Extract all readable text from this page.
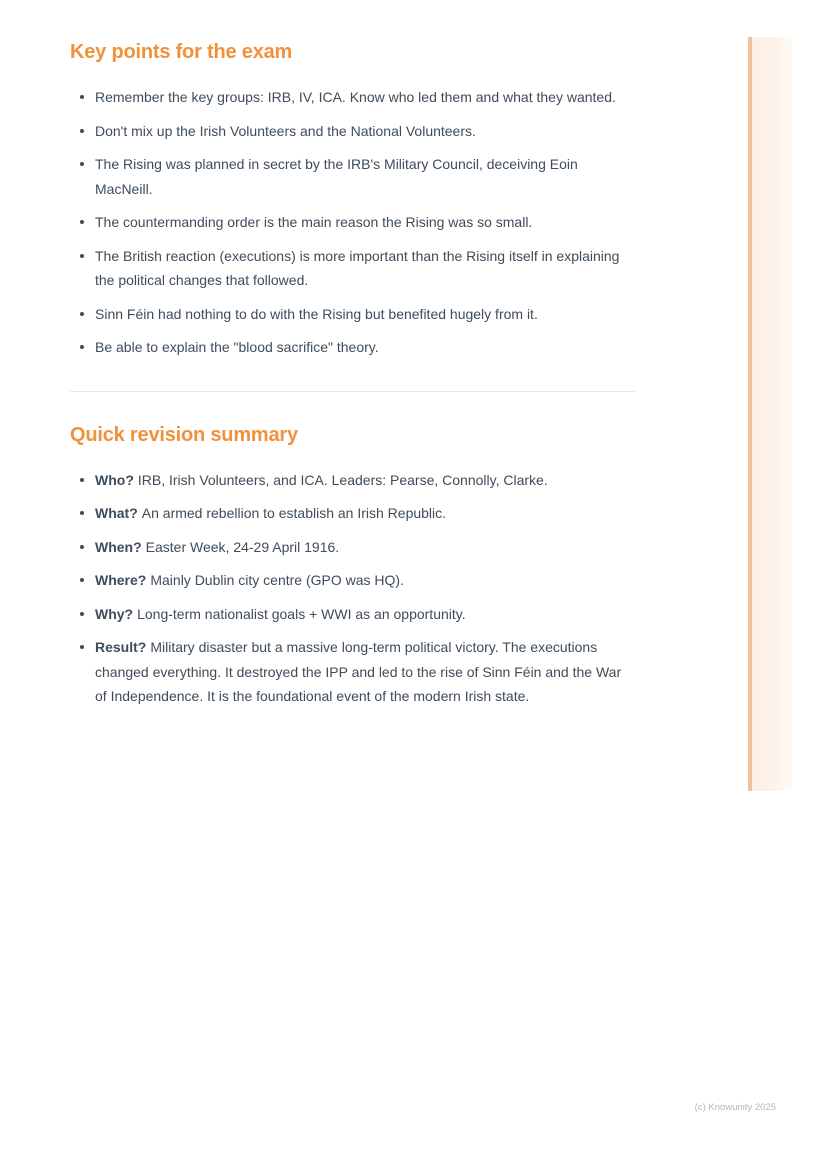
Key points for the exam
Remember the key groups: IRB, IV, ICA. Know who led them and what they wanted.
Don't mix up the Irish Volunteers and the National Volunteers.
The Rising was planned in secret by the IRB's Military Council, deceiving Eoin MacNeill.
The countermanding order is the main reason the Rising was so small.
The British reaction (executions) is more important than the Rising itself in explaining the political changes that followed.
Sinn Féin had nothing to do with the Rising but benefited hugely from it.
Be able to explain the "blood sacrifice" theory.
Quick revision summary
Who? IRB, Irish Volunteers, and ICA. Leaders: Pearse, Connolly, Clarke.
What? An armed rebellion to establish an Irish Republic.
When? Easter Week, 24-29 April 1916.
Where? Mainly Dublin city centre (GPO was HQ).
Why? Long-term nationalist goals + WWI as an opportunity.
Result? Military disaster but a massive long-term political victory. The executions changed everything. It destroyed the IPP and led to the rise of Sinn Féin and the War of Independence. It is the foundational event of the modern Irish state.
(c) Knowunity 2025
